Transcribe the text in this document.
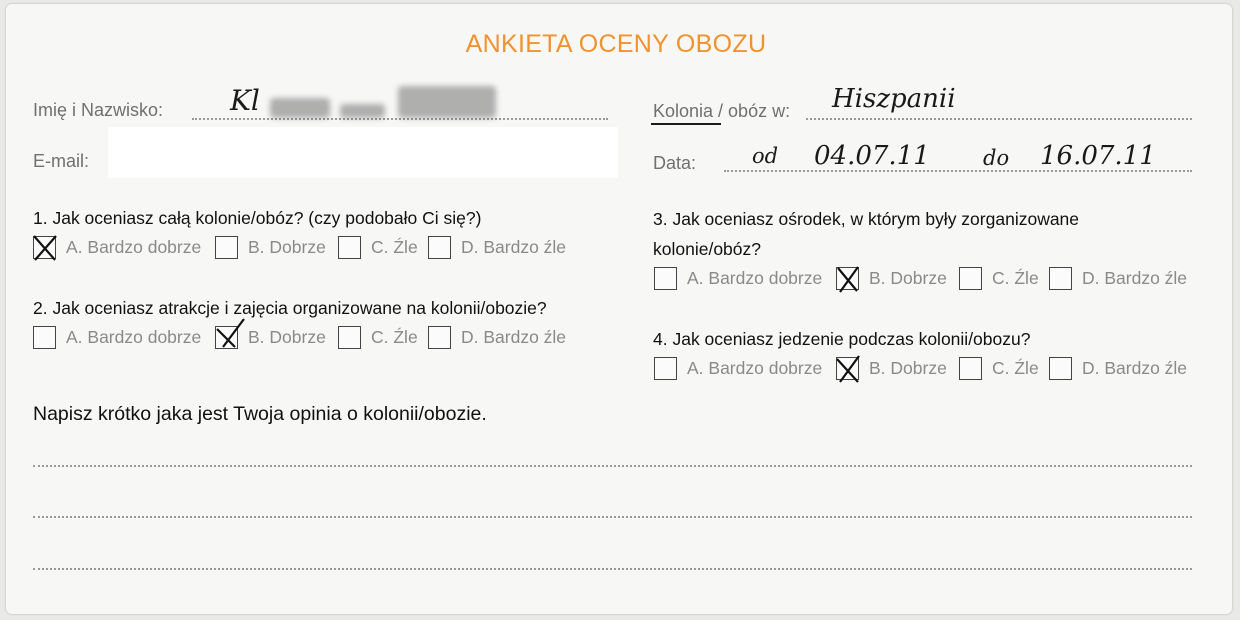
ANKIETA OCENY OBOZU
Imię i Nazwisko: Kl
E-mail:
Kolonia / obóz w: Hiszpanii
Data:	od 04.07.11	do 16.07.11
1. Jak oceniasz całą kolonie/obóz? (czy podobało Ci się?)
A. Bardzo dobrze	B. Dobrze	C. Źle D. Bardzo źle
2. Jak oceniasz atrakcje i zajęcia organizowane na kolonii/obozie?
A. Bardzo dobrze	B. Dobrze	C. Źle D. Bardzo źle
3. Jak oceniasz ośrodek, w którym były zorganizowane
kolonie/obóz?
A. Bardzo dobrze	B. Dobrze	C. Źle D. Bardzo źle
4. Jak oceniasz jedzenie podczas kolonii/obozu?
A. Bardzo dobrze	B. Dobrze	C. Źle D. Bardzo źle
Napisz krótko jaka jest Twoja opinia o kolonii/obozie.
